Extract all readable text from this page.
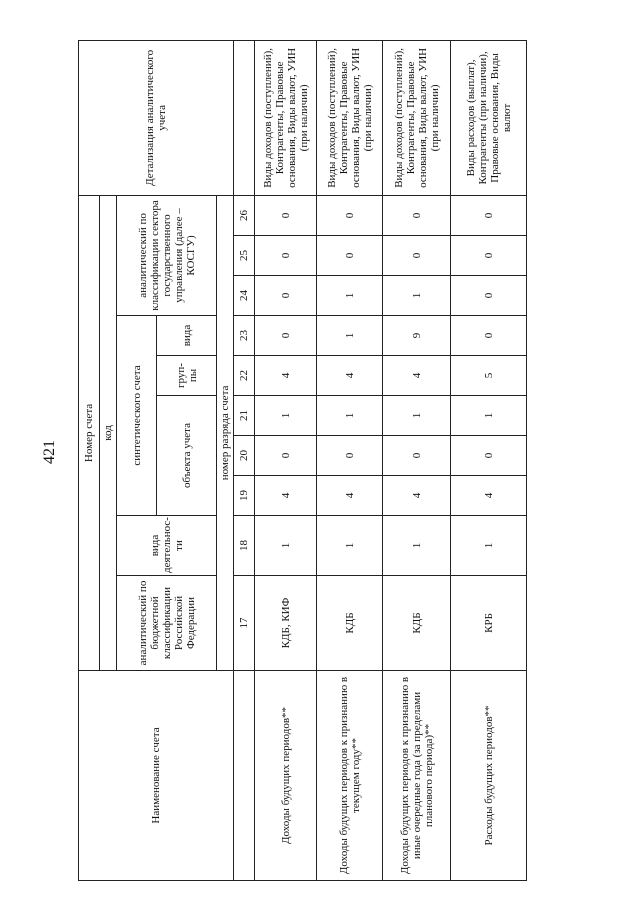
421
Наименование счета	Номер счета										Детализация аналитического учета
	код										
	аналитический по бюджетной классификации Российской Федерации	вида деятельнос-ти	синтетического счета					аналитический по классификации сектора государственного управления (далее – КОСГУ)			
			объекта учета			груп-пы	вида				
	номер разряда счета										
	17	18	19	20	21	22	23	24	25	26	
Доходы будущих периодов**	КДБ, КИФ	1	4	0	1	4	0	0	0	0	Виды доходов (поступлений), Контрагенты, Правовые основания, Виды валют, УИН (при наличии)
Доходы будущих периодов к признанию в текущем году**	КДБ	1	4	0	1	4	1	1	0	0	Виды доходов (поступлений), Контрагенты, Правовые основания, Виды валют, УИН (при наличии)
Доходы будущих периодов к признанию в иные очередные года (за пределами планового периода)**	КДБ	1	4	0	1	4	9	1	0	0	Виды доходов (поступлений), Контрагенты, Правовые основания, Виды валют, УИН (при наличии)
Расходы будущих периодов**	КРБ	1	4	0	1	5	0	0	0	0	Виды расходов (выплат), Контрагенты (при наличии), Правовые основания, Виды валют
